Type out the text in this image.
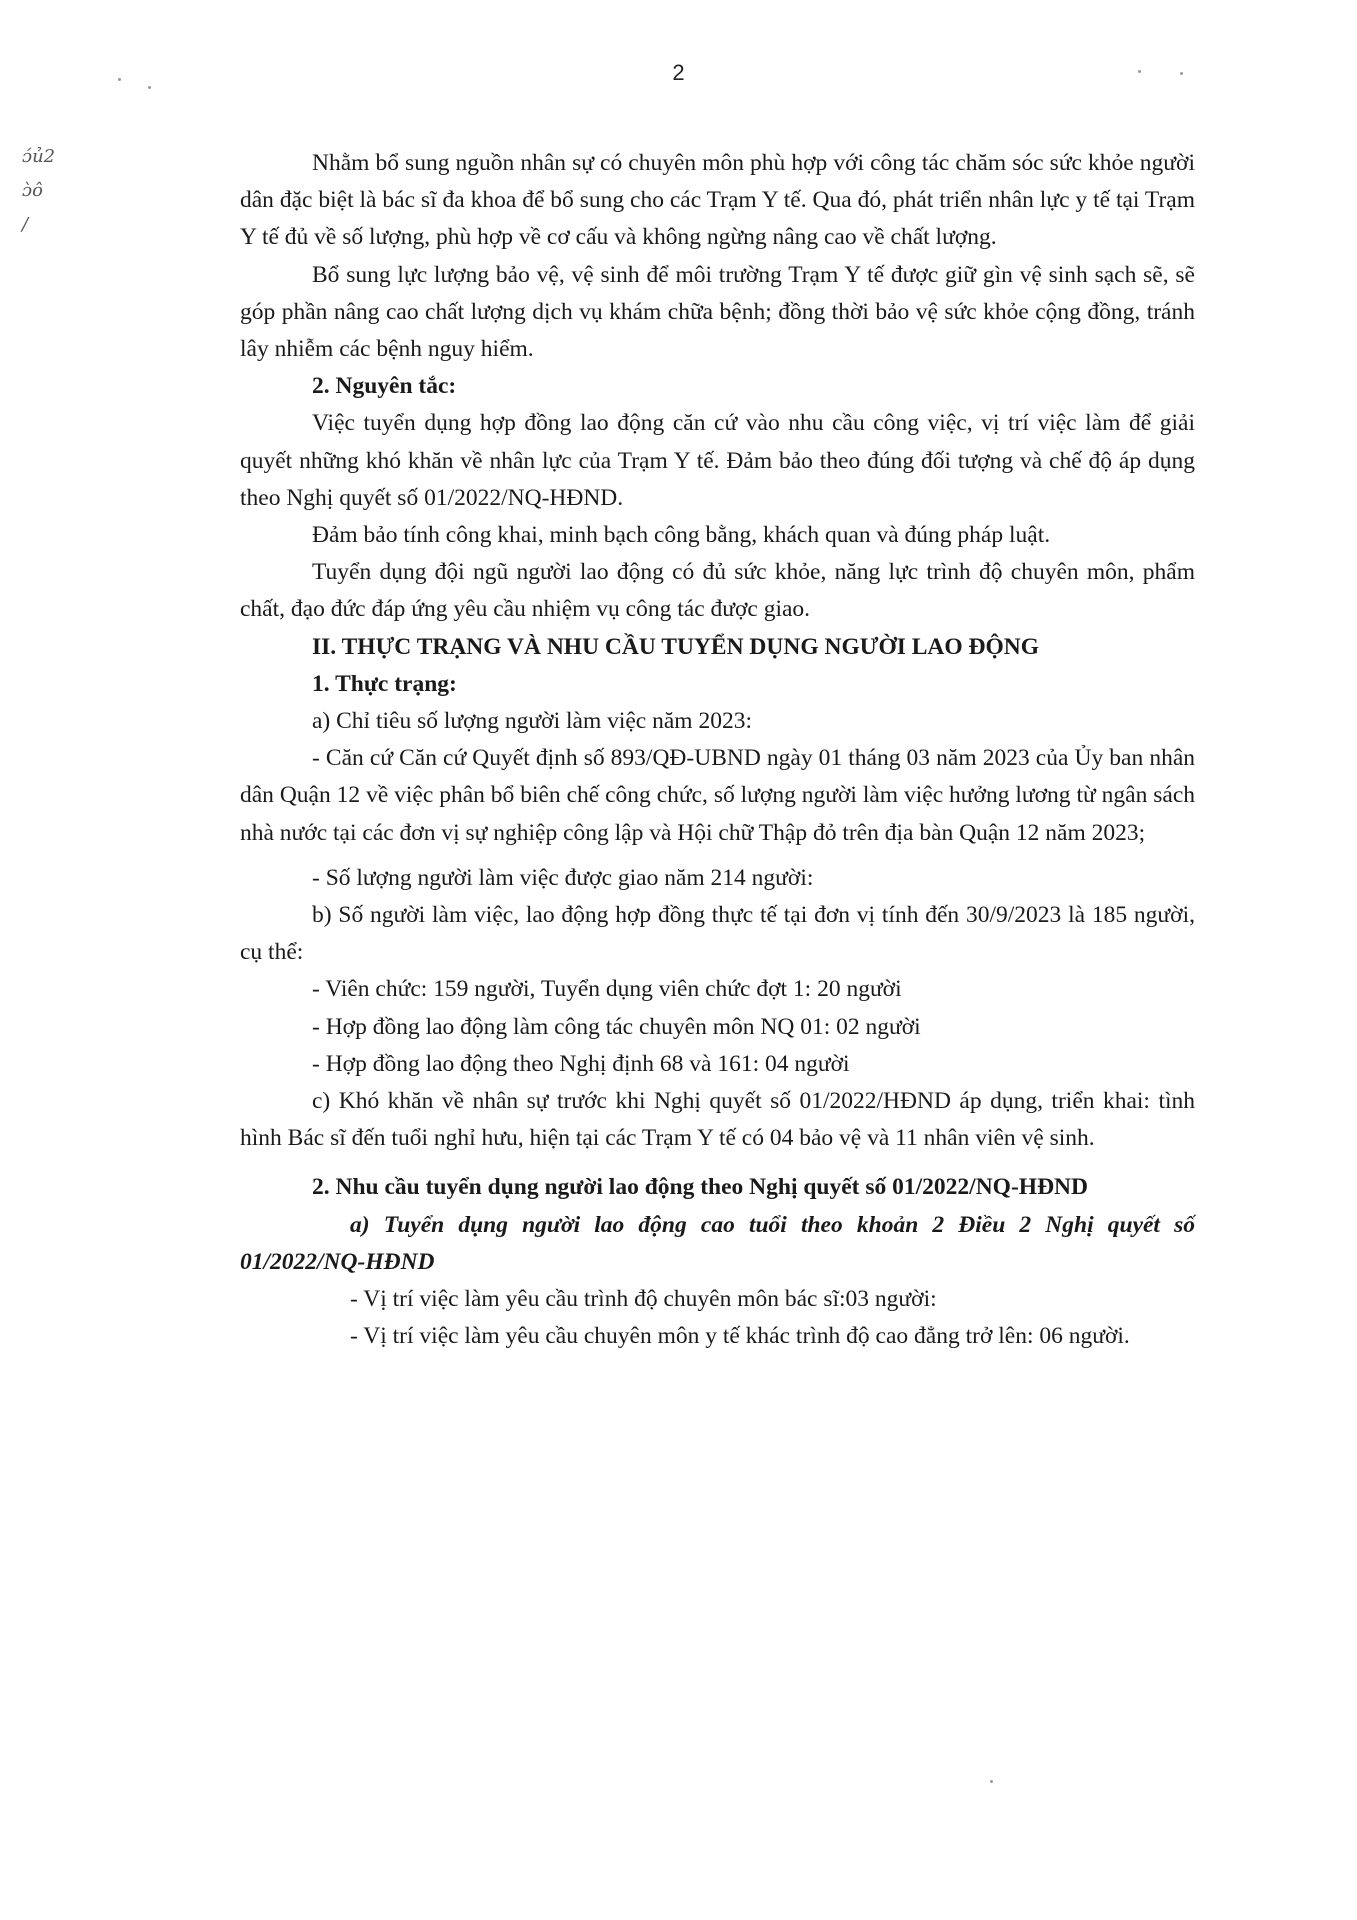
2
ɔ́ủ2
ɔ̀ô
/

Nhằm bổ sung nguồn nhân sự có chuyên môn phù hợp với công tác chăm sóc sức khỏe người dân đặc biệt là bác sĩ đa khoa để bổ sung cho các Trạm Y tế. Qua đó, phát triển nhân lực y tế tại Trạm Y tế đủ về số lượng, phù hợp về cơ cấu và không ngừng nâng cao về chất lượng.

Bổ sung lực lượng bảo vệ, vệ sinh để môi trường Trạm Y tế được giữ gìn vệ sinh sạch sẽ, sẽ góp phần nâng cao chất lượng dịch vụ khám chữa bệnh; đồng thời bảo vệ sức khỏe cộng đồng, tránh lây nhiễm các bệnh nguy hiểm.

2. Nguyên tắc:

Việc tuyển dụng hợp đồng lao động căn cứ vào nhu cầu công việc, vị trí việc làm để giải quyết những khó khăn về nhân lực của Trạm Y tế. Đảm bảo theo đúng đối tượng và chế độ áp dụng theo Nghị quyết số 01/2022/NQ-HĐND.

Đảm bảo tính công khai, minh bạch công bằng, khách quan và đúng pháp luật.

Tuyển dụng đội ngũ người lao động có đủ sức khỏe, năng lực trình độ chuyên môn, phẩm chất, đạo đức đáp ứng yêu cầu nhiệm vụ công tác được giao.

II. THỰC TRẠNG VÀ NHU CẦU TUYỂN DỤNG NGƯỜI LAO ĐỘNG

1. Thực trạng:

a) Chỉ tiêu số lượng người làm việc năm 2023:

- Căn cứ Căn cứ Quyết định số 893/QĐ-UBND ngày 01 tháng 03 năm 2023 của Ủy ban nhân dân Quận 12 về việc phân bổ biên chế công chức, số lượng người làm việc hưởng lương từ ngân sách nhà nước tại các đơn vị sự nghiệp công lập và Hội chữ Thập đỏ trên địa bàn Quận 12 năm 2023;

- Số lượng người làm việc được giao năm 214 người:

b) Số người làm việc, lao động hợp đồng thực tế tại đơn vị tính đến 30/9/2023 là 185 người, cụ thể:

- Viên chức: 159 người, Tuyển dụng viên chức đợt 1: 20 người

- Hợp đồng lao động làm công tác chuyên môn NQ 01: 02 người

- Hợp đồng lao động theo Nghị định 68 và 161: 04 người

c) Khó khăn về nhân sự trước khi Nghị quyết số 01/2022/HĐND áp dụng, triển khai: tình hình Bác sĩ đến tuổi nghỉ hưu, hiện tại các Trạm Y tế có 04 bảo vệ và 11 nhân viên vệ sinh.

2. Nhu cầu tuyển dụng người lao động theo Nghị quyết số 01/2022/NQ-HĐND

a) Tuyển dụng người lao động cao tuổi theo khoản 2 Điều 2 Nghị quyết số 01/2022/NQ-HĐND

- Vị trí việc làm yêu cầu trình độ chuyên môn bác sĩ:03 người:

- Vị trí việc làm yêu cầu chuyên môn y tế khác trình độ cao đẳng trở lên: 06 người.
